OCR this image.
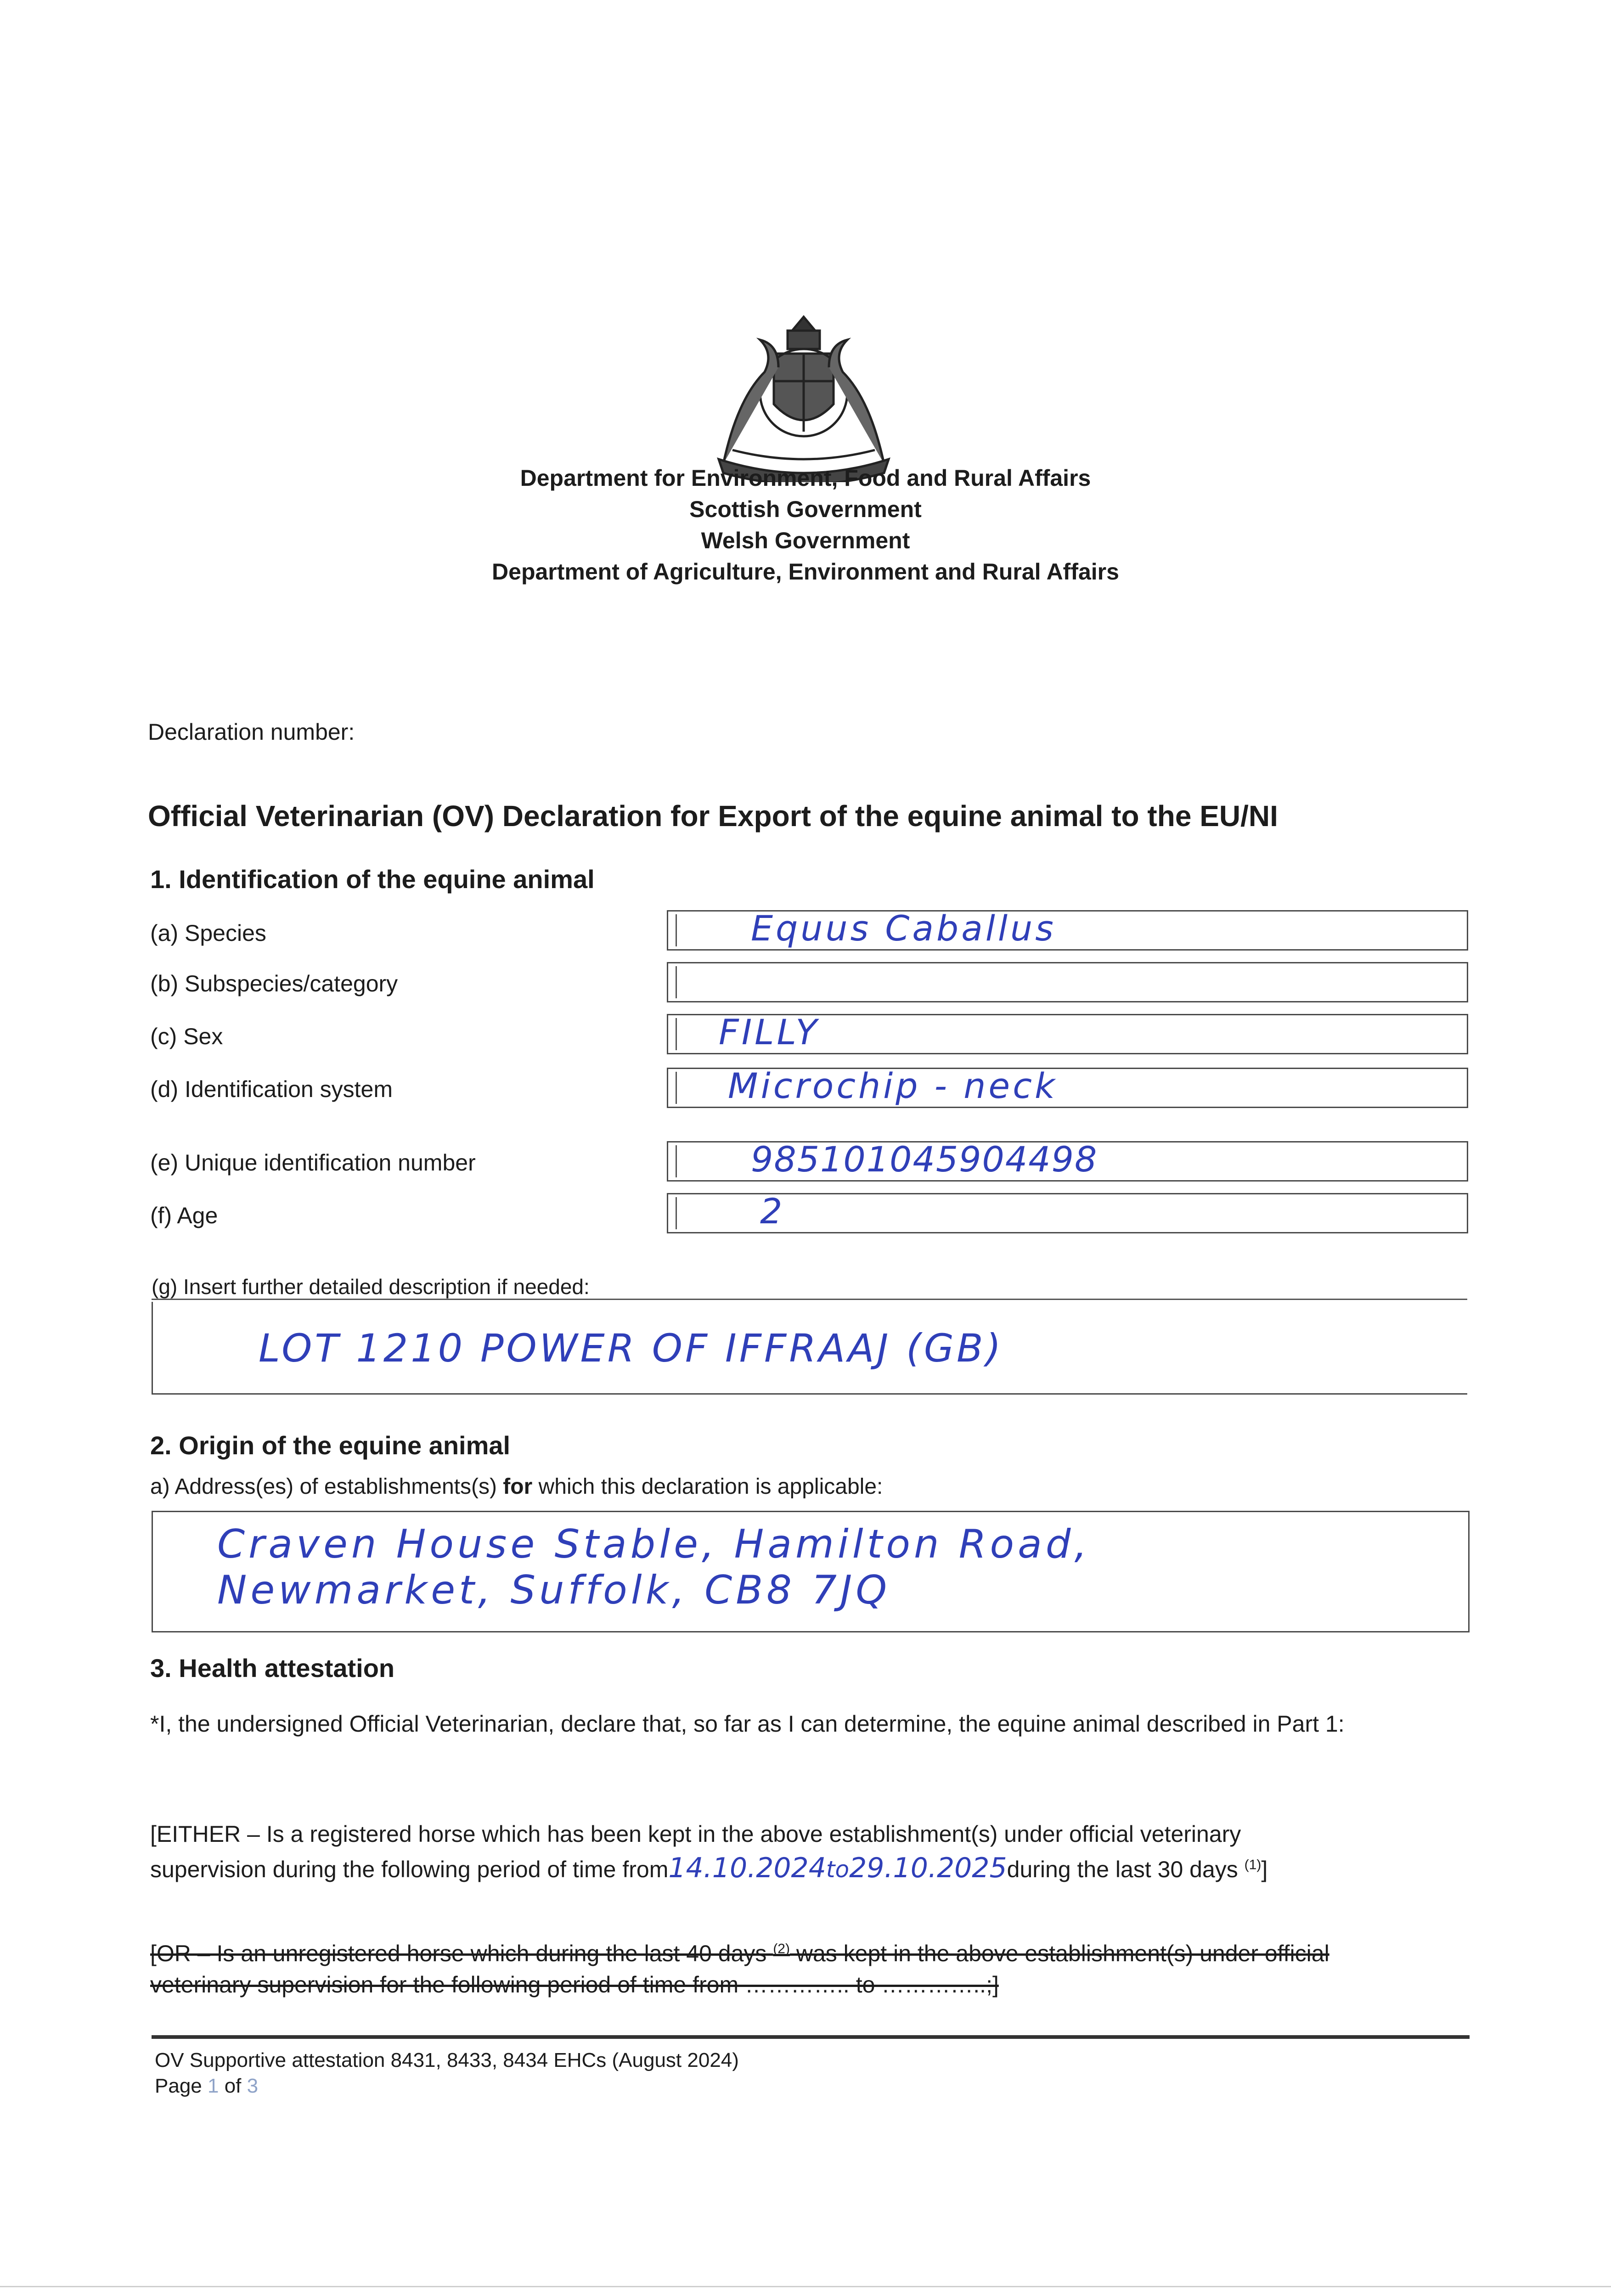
Department for Environment, Food and Rural Affairs
Scottish Government
Welsh Government
Department of Agriculture, Environment and Rural Affairs
Declaration number:
Official Veterinarian (OV) Declaration for Export of the equine animal to the EU/NI
1. Identification of the equine animal
(a) Species	Equus Caballus
(b) Subspecies/category
(c) Sex	FILLY
(d) Identification system	Microchip - neck
(e) Unique identification number	985101045904498
(f) Age	2
(g) Insert further detailed description if needed:
LOT 1210 POWER OF IFFRAAJ (GB)
2. Origin of the equine animal
a) Address(es) of establishments(s) for which this declaration is applicable:
Craven House Stable, Hamilton Road,
Newmarket, Suffolk, CB8 7JQ
3. Health attestation
*I, the undersigned Official Veterinarian, declare that, so far as I can determine, the equine animal described in Part 1:
[EITHER – Is a registered horse which has been kept in the above establishment(s) under official veterinary
supervision during the following period of time from14.10.2024to29.10.2025during the last 30 days $^{(1)}$]
[OR – Is an unregistered horse which during the last 40 days $^{(2)}$ was kept in the above establishment(s) under official
veterinary supervision for the following period of time from ………….. to …………..;]
OV Supportive attestation 8431, 8433, 8434 EHCs (August 2024)
Page 1 of 3
